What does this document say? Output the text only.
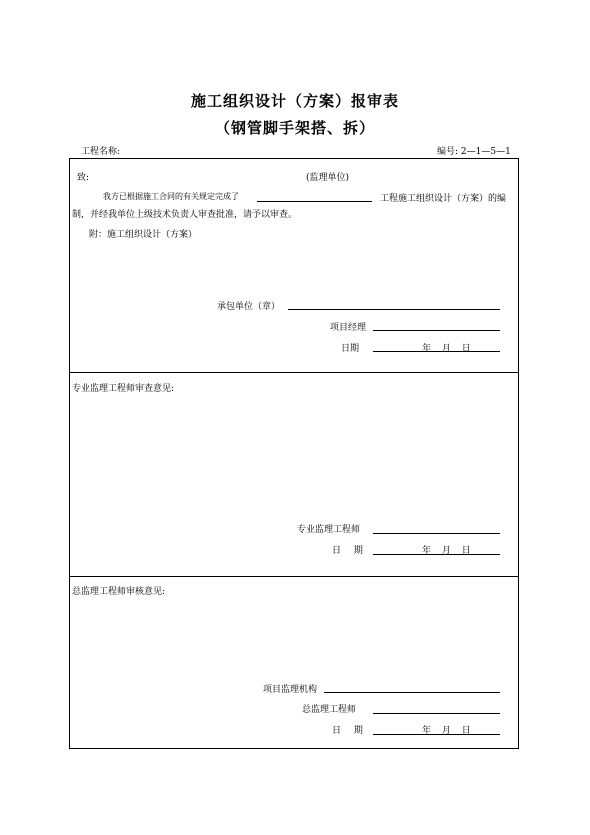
施工组织设计（方案）报审表
（钢管脚手架搭、拆）
工程名称:	编号: 2—1—5—1
致:	(监理单位)
我方已根据施工合同的有关规定完成了	工程施工组织设计（方案）的编
制，并经我单位上级技术负责人审查批准，请予以审查。
附：施工组织设计（方案）
承包单位（章）
项目经理
日期	年 月 日
专业监理工程师审查意见:
专业监理工程师
日 期	年 月 日
总监理工程师审核意见:
项目监理机构
总监理工程师
日 期	年 月 日
